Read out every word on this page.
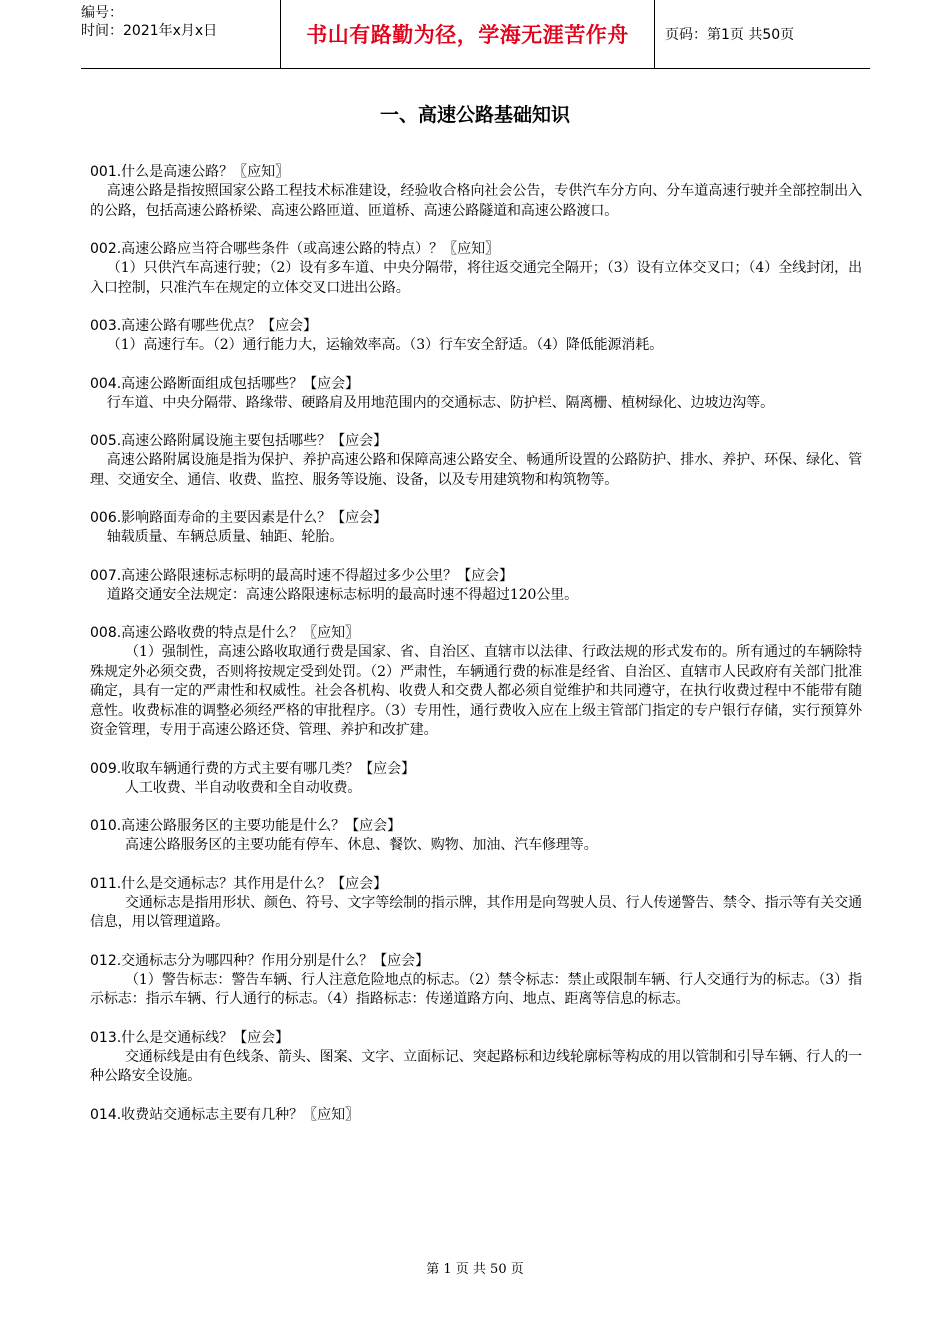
编号：
时间：2021年x月x日	书山有路勤为径，学海无涯苦作舟	页码：第1页 共50页
一、高速公路基础知识
001.什么是高速公路？〖应知〗
高速公路是指按照国家公路工程技术标准建设，经验收合格向社会公告，专供汽车分方向、分车道高速行驶并全部控制出入的公路，包括高速公路桥梁、高速公路匝道、匝道桥、高速公路隧道和高速公路渡口。
002.高速公路应当符合哪些条件（或高速公路的特点）？〖应知〗
（1）只供汽车高速行驶；（2）设有多车道、中央分隔带，将往返交通完全隔开；（3）设有立体交叉口；（4）全线封闭，出入口控制，只准汽车在规定的立体交叉口进出公路。
003.高速公路有哪些优点？【应会】
（1）高速行车。（2）通行能力大，运输效率高。（3）行车安全舒适。（4）降低能源消耗。
004.高速公路断面组成包括哪些？【应会】
行车道、中央分隔带、路缘带、硬路肩及用地范围内的交通标志、防护栏、隔离栅、植树绿化、边坡边沟等。
005.高速公路附属设施主要包括哪些？【应会】
高速公路附属设施是指为保护、养护高速公路和保障高速公路安全、畅通所设置的公路防护、排水、养护、环保、绿化、管理、交通安全、通信、收费、监控、服务等设施、设备，以及专用建筑物和构筑物等。
006.影响路面寿命的主要因素是什么？【应会】
轴载质量、车辆总质量、轴距、轮胎。
007.高速公路限速标志标明的最高时速不得超过多少公里？【应会】
道路交通安全法规定：高速公路限速标志标明的最高时速不得超过120公里。
008.高速公路收费的特点是什么？〖应知〗
（1）强制性，高速公路收取通行费是国家、省、自治区、直辖市以法律、行政法规的形式发布的。所有通过的车辆除特殊规定外必须交费，否则将按规定受到处罚。（2）严肃性，车辆通行费的标准是经省、自治区、直辖市人民政府有关部门批准确定，具有一定的严肃性和权威性。社会各机构、收费人和交费人都必须自觉维护和共同遵守，在执行收费过程中不能带有随意性。收费标准的调整必须经严格的审批程序。（3）专用性，通行费收入应在上级主管部门指定的专户银行存储，实行预算外资金管理，专用于高速公路还贷、管理、养护和改扩建。
009.收取车辆通行费的方式主要有哪几类？【应会】
人工收费、半自动收费和全自动收费。
010.高速公路服务区的主要功能是什么？【应会】
高速公路服务区的主要功能有停车、休息、餐饮、购物、加油、汽车修理等。
011.什么是交通标志？其作用是什么？【应会】
交通标志是指用形状、颜色、符号、文字等绘制的指示牌，其作用是向驾驶人员、行人传递警告、禁令、指示等有关交通信息，用以管理道路。
012.交通标志分为哪四种？作用分别是什么？【应会】
（1）警告标志：警告车辆、行人注意危险地点的标志。（2）禁令标志：禁止或限制车辆、行人交通行为的标志。（3）指示标志：指示车辆、行人通行的标志。（4）指路标志：传递道路方向、地点、距离等信息的标志。
013.什么是交通标线？【应会】
交通标线是由有色线条、箭头、图案、文字、立面标记、突起路标和边线轮廓标等构成的用以管制和引导车辆、行人的一种公路安全设施。
014.收费站交通标志主要有几种？〖应知〗
第 1 页 共 50 页
